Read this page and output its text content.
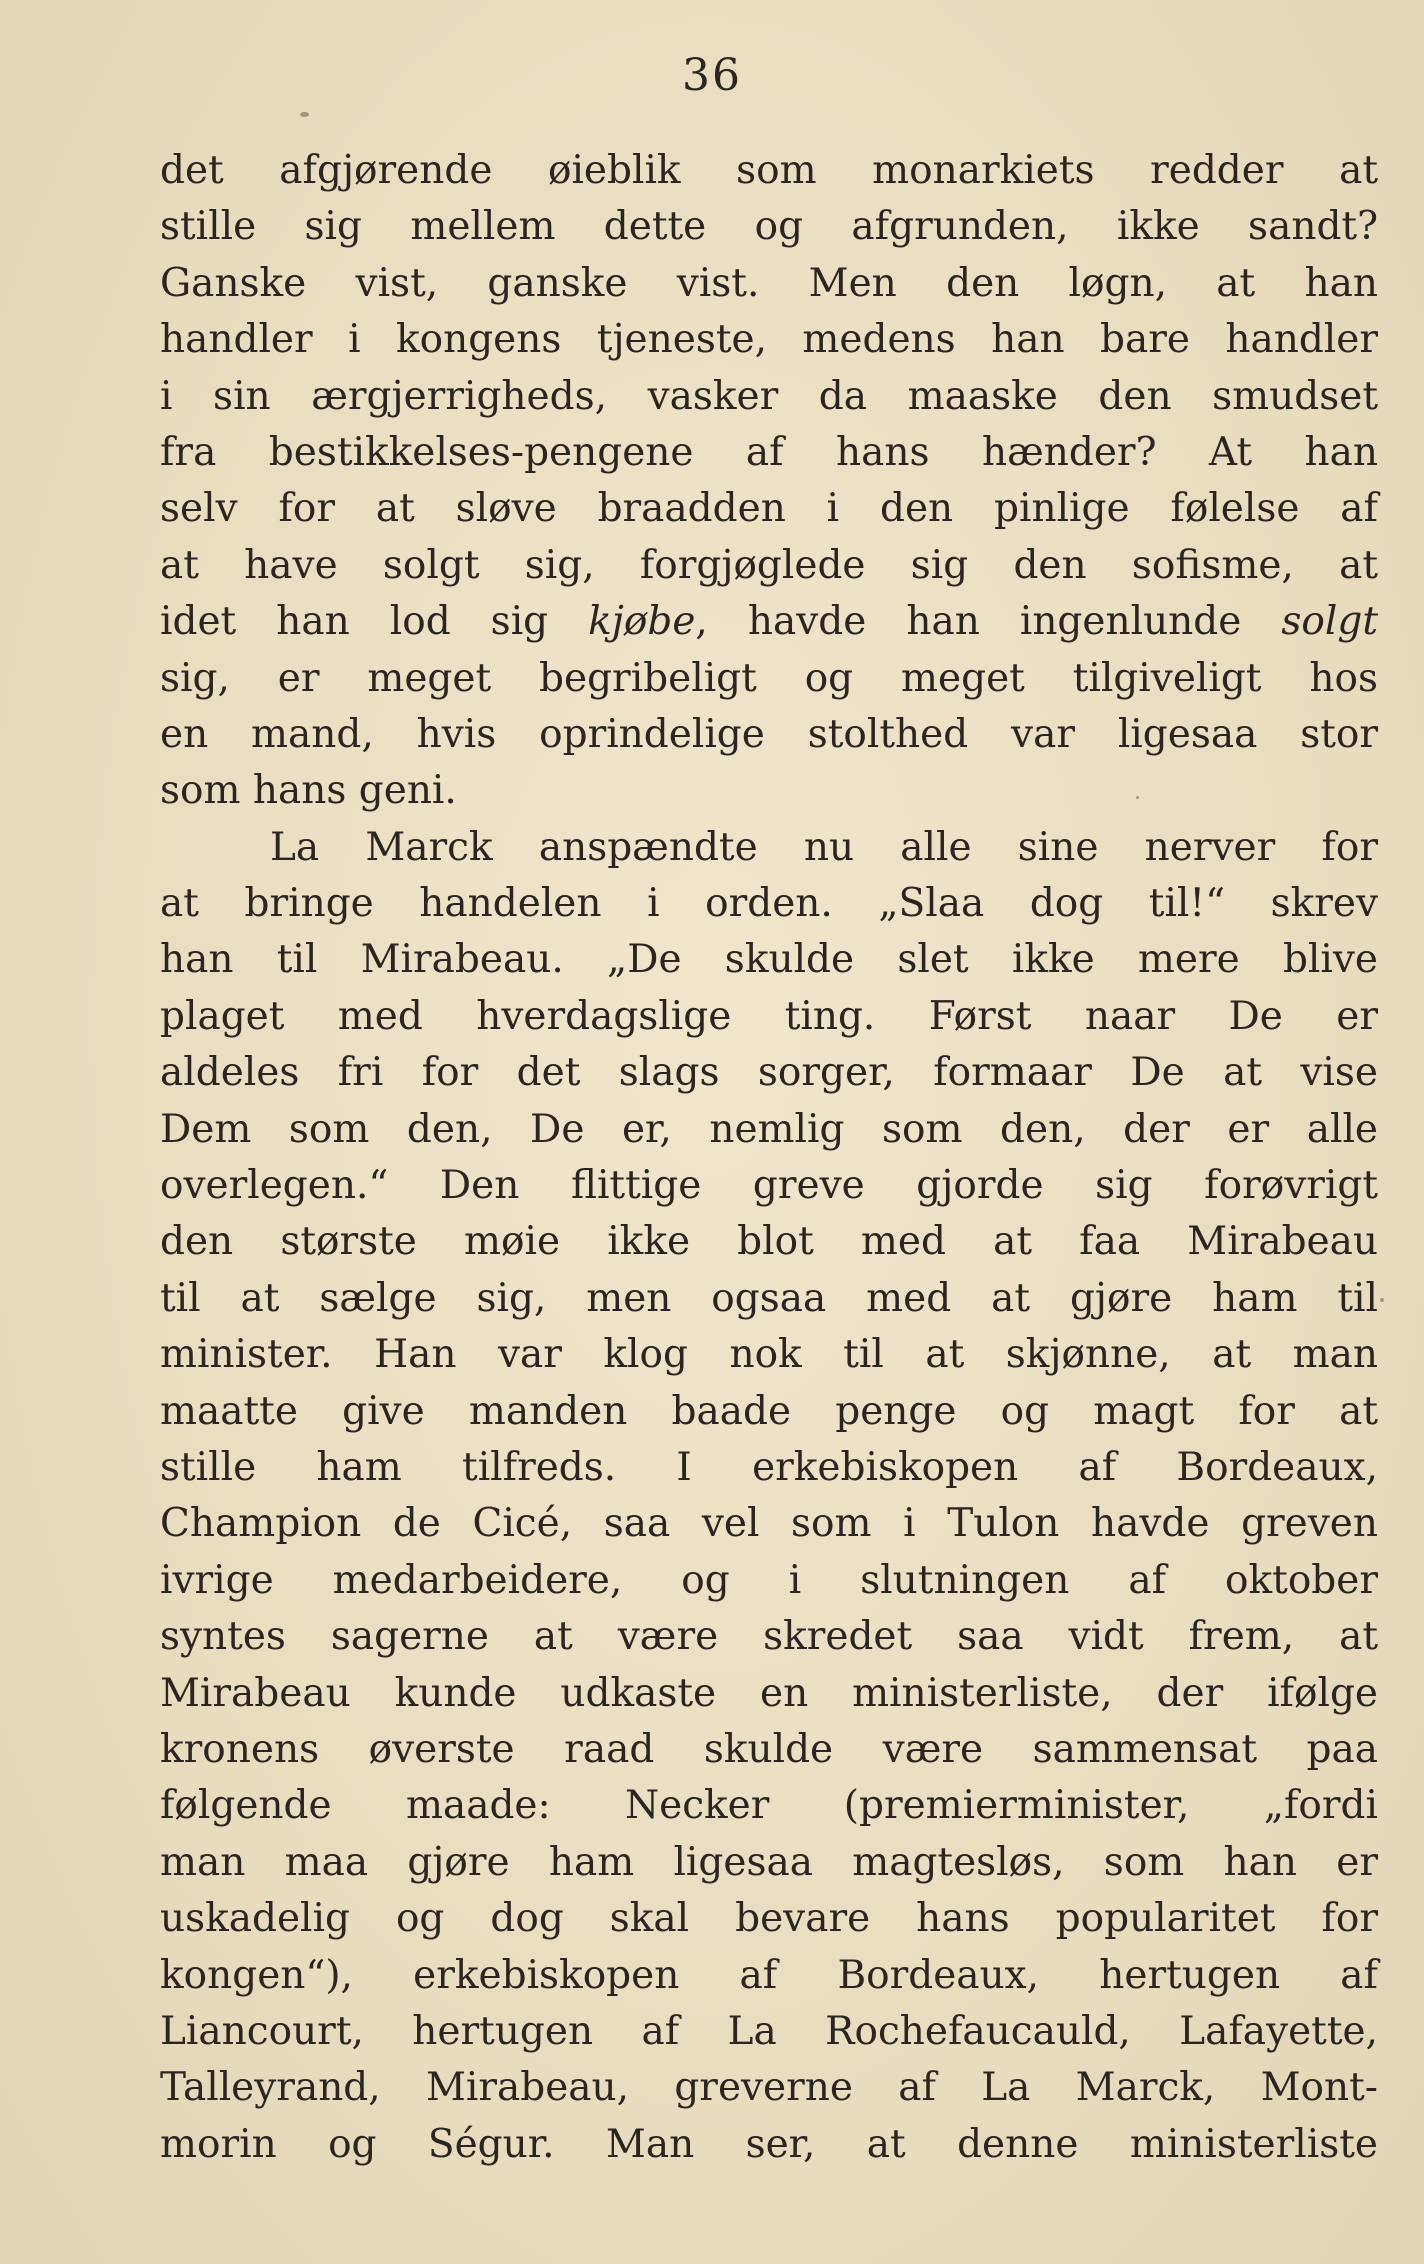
36
det afgjørende øieblik som monarkiets redder at
stille sig mellem dette og afgrunden, ikke sandt?
Ganske vist, ganske vist. Men den løgn, at han
handler i kongens tjeneste, medens han bare handler
i sin ærgjerrigheds, vasker da maaske den smudset
fra bestikkelses-pengene af hans hænder? At han
selv for at sløve braadden i den pinlige følelse af
at have solgt sig, forgjøglede sig den sofisme, at
idet han lod sig kjøbe, havde han ingenlunde solgt
sig, er meget begribeligt og meget tilgiveligt hos
en mand, hvis oprindelige stolthed var ligesaa stor
som hans geni.
La Marck anspændte nu alle sine nerver for
at bringe handelen i orden. „Slaa dog til!“ skrev
han til Mirabeau. „De skulde slet ikke mere blive
plaget med hverdagslige ting. Først naar De er
aldeles fri for det slags sorger, formaar De at vise
Dem som den, De er, nemlig som den, der er alle
overlegen.“ Den flittige greve gjorde sig forøvrigt
den største møie ikke blot med at faa Mirabeau
til at sælge sig, men ogsaa med at gjøre ham til
minister. Han var klog nok til at skjønne, at man
maatte give manden baade penge og magt for at
stille ham tilfreds. I erkebiskopen af Bordeaux,
Champion de Cicé, saa vel som i Tulon havde greven
ivrige medarbeidere, og i slutningen af oktober
syntes sagerne at være skredet saa vidt frem, at
Mirabeau kunde udkaste en ministerliste, der ifølge
kronens øverste raad skulde være sammensat paa
følgende maade: Necker (premierminister, „fordi
man maa gjøre ham ligesaa magtesløs, som han er
uskadelig og dog skal bevare hans popularitet for
kongen“), erkebiskopen af Bordeaux, hertugen af
Liancourt, hertugen af La Rochefaucauld, Lafayette,
Talleyrand, Mirabeau, greverne af La Marck, Mont-
morin og Ségur. Man ser, at denne ministerliste
